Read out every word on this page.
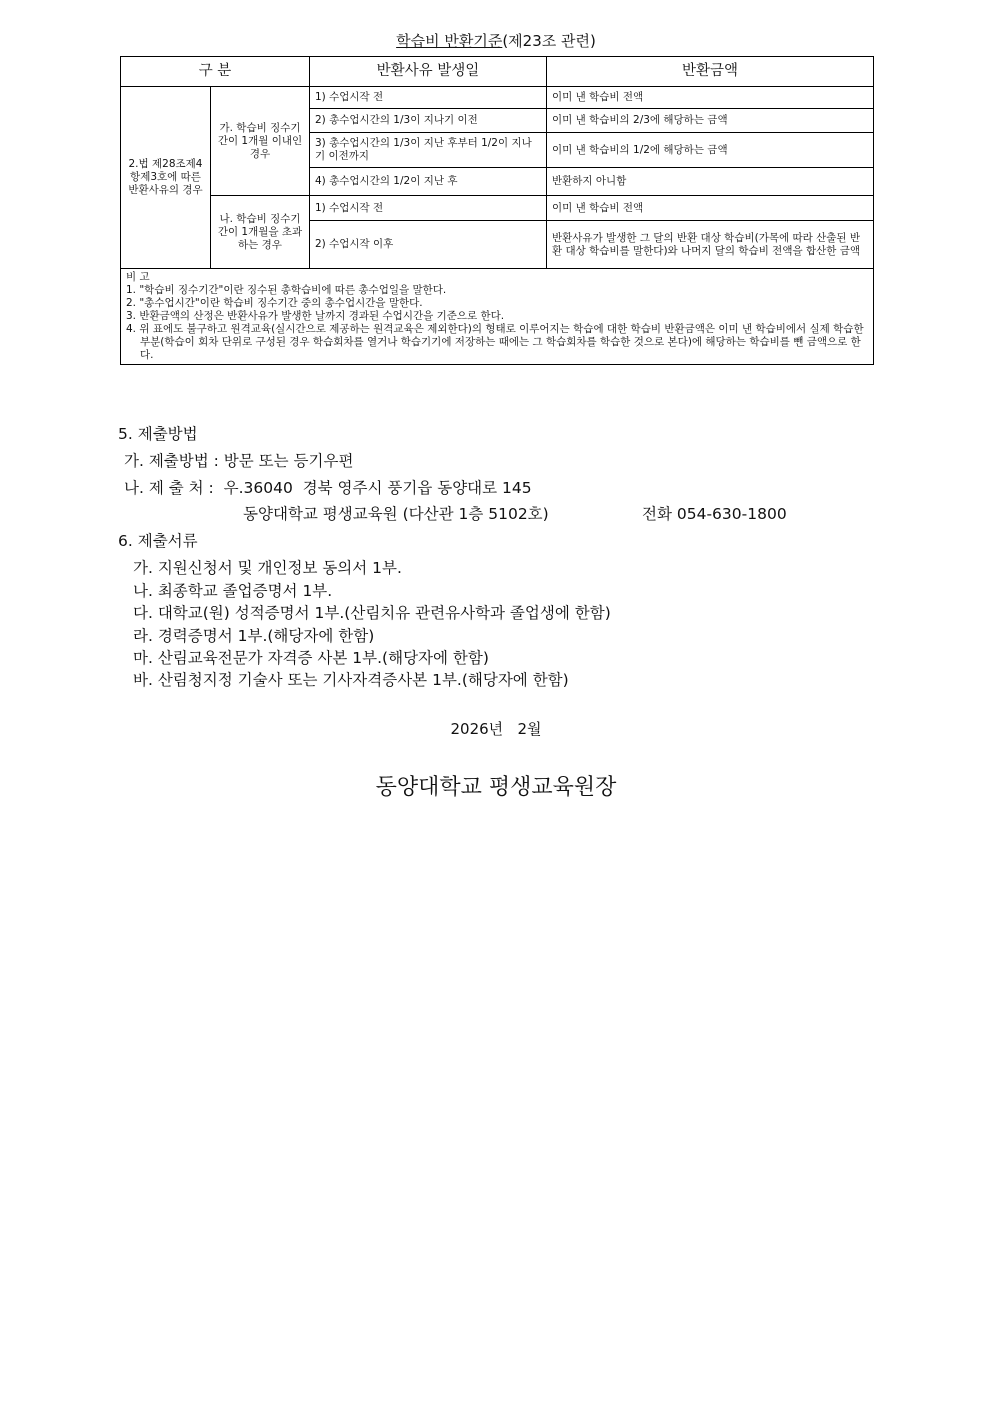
학습비 반환기준(제23조 관련)
구 분		반환사유 발생일	반환금액
2.법 제28조제4항제3호에 따른 반환사유의 경우	가. 학습비 징수기간이 1개월 이내인 경우	1) 수업시작 전	이미 낸 학습비 전액
		2) 총수업시간의 1/3이 지나기 이전	이미 낸 학습비의 2/3에 해당하는 금액
		3) 총수업시간의 1/3이 지난 후부터 1/2이 지나기 이전까지	이미 낸 학습비의 1/2에 해당하는 금액
		4) 총수업시간의 1/2이 지난 후	반환하지 아니함
	나. 학습비 징수기간이 1개월을 초과하는 경우	1) 수업시작 전	이미 낸 학습비 전액
		2) 수업시작 이후	반환사유가 발생한 그 달의 반환 대상 학습비(가목에 따라 산출된 반환 대상 학습비를 말한다)와 나머지 달의 학습비 전액을 합산한 금액

비 고
1. "학습비 징수기간"이란 징수된 총학습비에 따른 총수업일을 말한다.
2. "총수업시간"이란 학습비 징수기간 중의 총수업시간을 말한다.
3. 반환금액의 산정은 반환사유가 발생한 날까지 경과된 수업시간을 기준으로 한다.
4. 위 표에도 불구하고 원격교육(실시간으로 제공하는 원격교육은 제외한다)의 형태로 이루어지는 학습에 대한 학습비 반환금액은 이미 낸 학습비에서 실제 학습한 부분(학습이 회차 단위로 구성된 경우 학습회차를 열거나 학습기기에 저장하는 때에는 그 학습회차를 학습한 것으로 본다)에 해당하는 학습비를 뺀 금액으로 한다.			
5. 제출방법
가. 제출방법 : 방문 또는 등기우편
나. 제 출 처 :  우.36040  경북 영주시 풍기읍 동양대로 145
동양대학교 평생교육원 (다산관 1층 5102호)	전화 054-630-1800
6. 제출서류
가. 지원신청서 및 개인정보 동의서 1부.
나. 최종학교 졸업증명서 1부.
다. 대학교(원) 성적증명서 1부.(산림치유 관련유사학과 졸업생에 한함)
라. 경력증명서 1부.(해당자에 한함)
마. 산림교육전문가 자격증 사본 1부.(해당자에 한함)
바. 산림청지정 기술사 또는 기사자격증사본 1부.(해당자에 한함)
2026년   2월
동양대학교 평생교육원장
